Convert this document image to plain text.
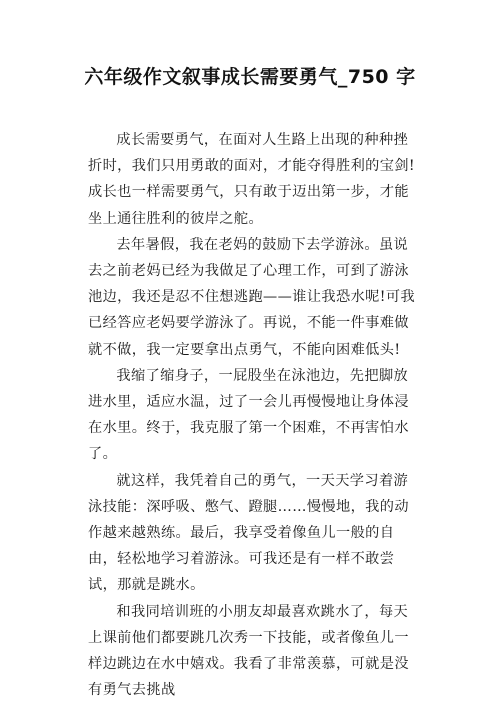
六年级作文叙事成长需要勇气_750 字

成长需要勇气，在面对人生路上出现的种种挫折时，我们只用勇敢的面对，才能夺得胜利的宝剑!成长也一样需要勇气，只有敢于迈出第一步，才能坐上通往胜利的彼岸之舵。

去年暑假，我在老妈的鼓励下去学游泳。虽说去之前老妈已经为我做足了心理工作，可到了游泳池边，我还是忍不住想逃跑——谁让我恐水呢!可我已经答应老妈要学游泳了。再说，不能一件事难做就不做，我一定要拿出点勇气，不能向困难低头!

我缩了缩身子，一屁股坐在泳池边，先把脚放进水里，适应水温，过了一会儿再慢慢地让身体浸在水里。终于，我克服了第一个困难，不再害怕水了。

就这样，我凭着自己的勇气，一天天学习着游泳技能：深呼吸、憋气、蹬腿……慢慢地，我的动作越来越熟练。最后，我享受着像鱼儿一般的自由，轻松地学习着游泳。可我还是有一样不敢尝试，那就是跳水。

和我同培训班的小朋友却最喜欢跳水了，每天上课前他们都要跳几次秀一下技能，或者像鱼儿一样边跳边在水中嬉戏。我看了非常羡慕，可就是没有勇气去挑战
